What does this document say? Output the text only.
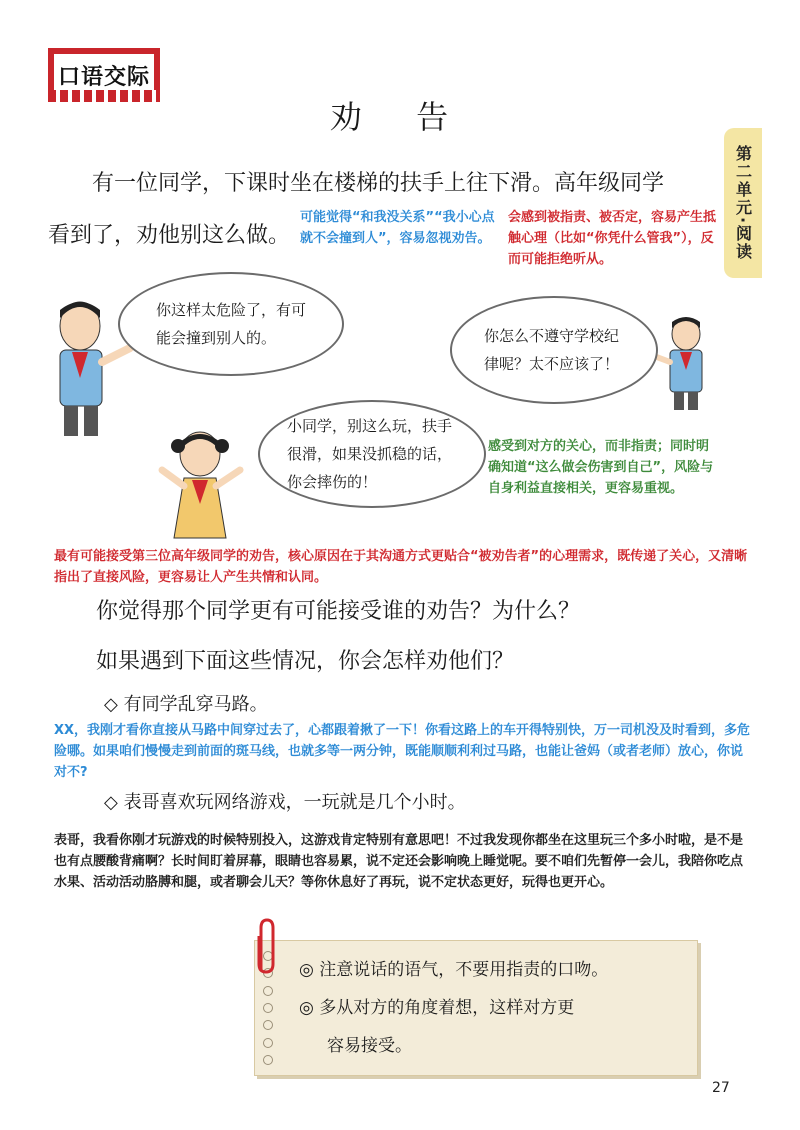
口语交际
劝 告
第二单元·阅读
有一位同学，下课时坐在楼梯的扶手上往下滑。高年级同学
看到了，劝他别这么做。
可能觉得“和我没关系”“我小心点就不会撞到人”，容易忽视劝告。
会感到被指责、被否定，容易产生抵触心理（比如“你凭什么管我”），反而可能拒绝听从。
你这样太危险了，有可能会撞到别人的。	你怎么不遵守学校纪律呢？太不应该了！
小同学，别这么玩，扶手很滑，如果没抓稳的话，你会摔伤的！
感受到对方的关心，而非指责；同时明确知道“这么做会伤害到自己”，风险与自身利益直接相关，更容易重视。
最有可能接受第三位高年级同学的劝告，核心原因在于其沟通方式更贴合“被劝告者”的心理需求，既传递了关心，又清晰指出了直接风险，更容易让人产生共情和认同。
你觉得那个同学更有可能接受谁的劝告？为什么？
如果遇到下面这些情况，你会怎样劝他们？
◇ 有同学乱穿马路。
XX，我刚才看你直接从马路中间穿过去了，心都跟着揪了一下！你看这路上的车开得特别快，万一司机没及时看到，多危险哪。如果咱们慢慢走到前面的斑马线，也就多等一两分钟，既能顺顺利利过马路，也能让爸妈（或者老师）放心，你说对不?
◇ 表哥喜欢玩网络游戏，一玩就是几个小时。
表哥，我看你刚才玩游戏的时候特别投入，这游戏肯定特别有意思吧！不过我发现你都坐在这里玩三个多小时啦，是不是也有点腰酸背痛啊？长时间盯着屏幕，眼睛也容易累，说不定还会影响晚上睡觉呢。要不咱们先暂停一会儿，我陪你吃点水果、活动活动胳膊和腿，或者聊会儿天？等你休息好了再玩，说不定状态更好，玩得也更开心。
◎ 注意说话的语气，不要用指责的口吻。
◎ 多从对方的角度着想，这样对方更
容易接受。
27
